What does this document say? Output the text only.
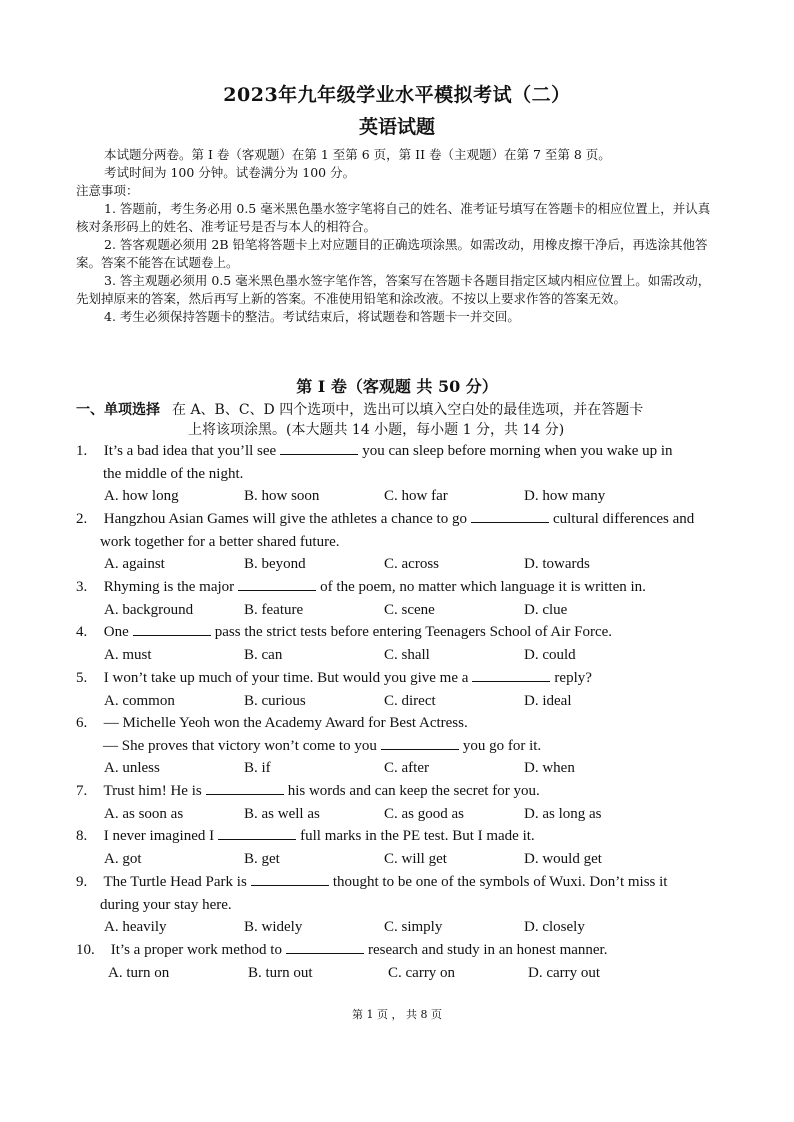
2023年九年级学业水平模拟考试（二）
英语试题

本试题分两卷。第 I 卷（客观题）在第 1 至第 6 页，第 II 卷（主观题）在第 7 至第 8 页。

考试时间为 100 分钟。试卷满分为 100 分。

注意事项：

1. 答题前，考生务必用 0.5 毫米黑色墨水签字笔将自己的姓名、准考证号填写在答题卡的相应位置上，并认真核对条形码上的姓名、准考证号是否与本人的相符合。

2. 答客观题必须用 2B 铅笔将答题卡上对应题目的正确选项涂黑。如需改动，用橡皮擦干净后，再选涂其他答案。答案不能答在试题卷上。

3. 答主观题必须用 0.5 毫米黑色墨水签字笔作答，答案写在答题卡各题目指定区域内相应位置上。如需改动，先划掉原来的答案，然后再写上新的答案。不准使用铅笔和涂改液。不按以上要求作答的答案无效。

4. 考生必须保持答题卡的整洁。考试结束后，将试题卷和答题卡一并交回。

第 I 卷（客观题 共 50 分）
一、单项选择 在 A、B、C、D 四个选项中，选出可以填入空白处的最佳选项，并在答题卡
上将该项涂黑。(本大题共 14 小题，每小题 1 分，共 14 分)
1. It’s a bad idea that you’ll see	you can sleep before morning when you wake up in
the middle of the night.
A. how long	B. how soon	C. how far	D. how many
2. Hangzhou Asian Games will give the athletes a chance to go	cultural differences and
work together for a better shared future.
A. against	B. beyond	C. across	D. towards
3. Rhyming is the major	of the poem, no matter which language it is written in.
A. background	B. feature	C. scene	D. clue
4. One	pass the strict tests before entering Teenagers School of Air Force.
A. must	B. can	C. shall	D. could
5. I won’t take up much of your time. But would you give me a	reply?
A. common	B. curious	C. direct	D. ideal
6. — Michelle Yeoh won the Academy Award for Best Actress.
— She proves that victory won’t come to you	you go for it.
A. unless	B. if	C. after	D. when
7. Trust him! He is	his words and can keep the secret for you.
A. as soon as	B. as well as	C. as good as	D. as long as
8. I never imagined I	full marks in the PE test. But I made it.
A. got	B. get	C. will get	D. would get
9. The Turtle Head Park is	thought to be one of the symbols of Wuxi. Don’t miss it
during your stay here.
A. heavily	B. widely	C. simply	D. closely
10. It’s a proper work method to	research and study in an honest manner.
A. turn on	B. turn out	C. carry on	D. carry out
第 1 页 ， 共 8 页
